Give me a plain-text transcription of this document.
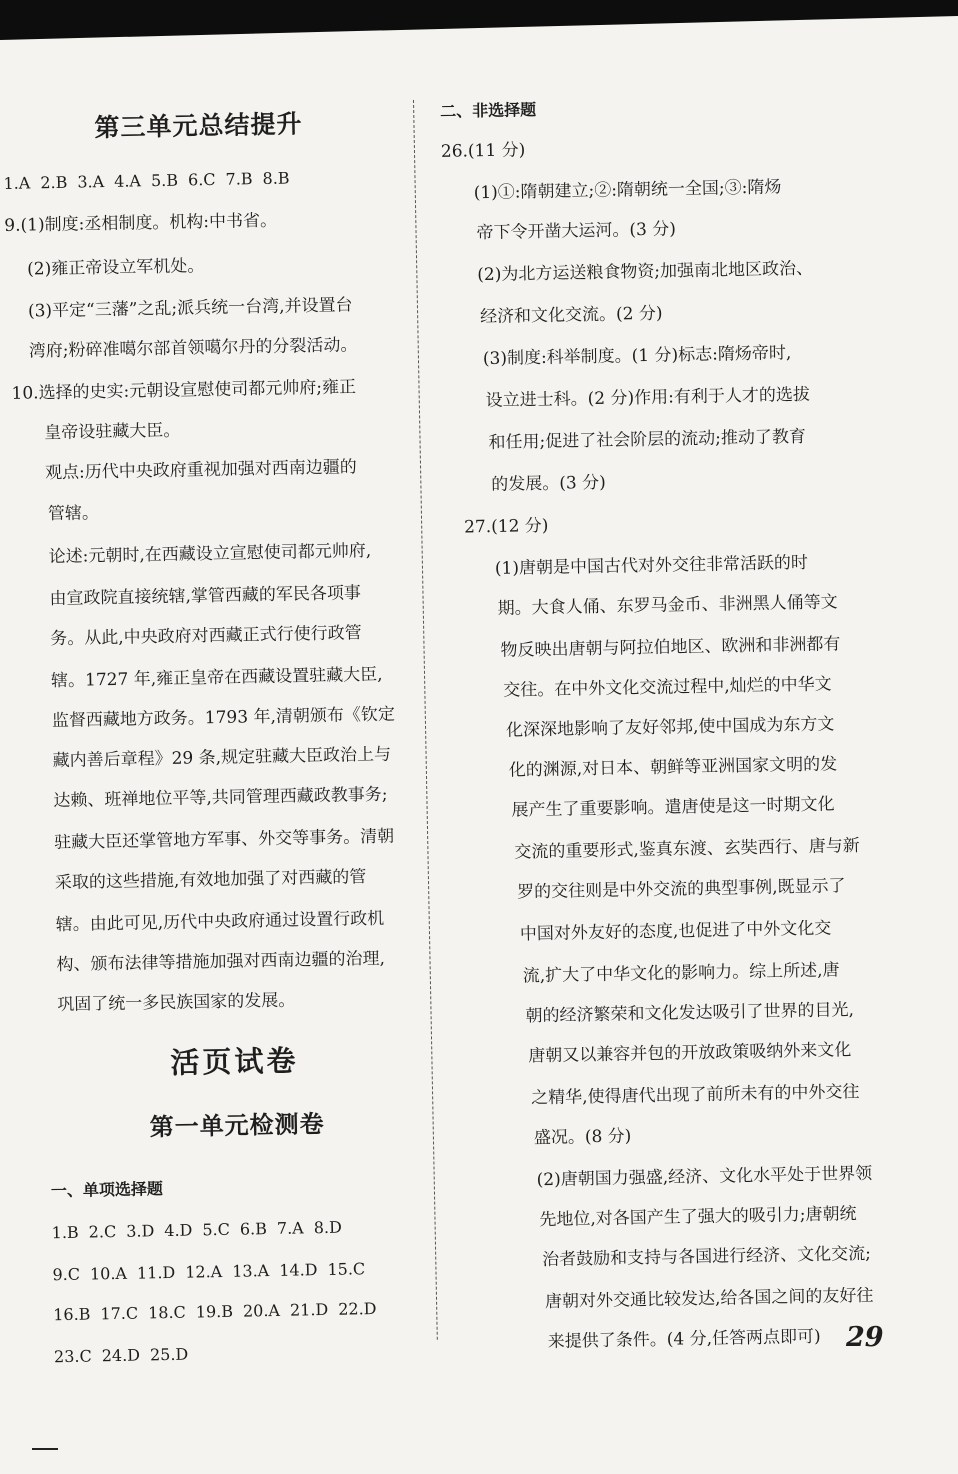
第三单元总结提升
1.A 2.B 3.A 4.A 5.B 6.C 7.B 8.B
9.(1)制度:丞相制度。机构:中书省。
(2)雍正帝设立军机处。
(3)平定“三藩”之乱;派兵统一台湾,并设置台
湾府;粉碎准噶尔部首领噶尔丹的分裂活动。
10.选择的史实:元朝设宣慰使司都元帅府;雍正
皇帝设驻藏大臣。
观点:历代中央政府重视加强对西南边疆的
管辖。
论述:元朝时,在西藏设立宣慰使司都元帅府,
由宣政院直接统辖,掌管西藏的军民各项事
务。从此,中央政府对西藏正式行使行政管
辖。1727 年,雍正皇帝在西藏设置驻藏大臣,
监督西藏地方政务。1793 年,清朝颁布《钦定
藏内善后章程》29 条,规定驻藏大臣政治上与
达赖、班禅地位平等,共同管理西藏政教事务;
驻藏大臣还掌管地方军事、外交等事务。清朝
采取的这些措施,有效地加强了对西藏的管
辖。由此可见,历代中央政府通过设置行政机
构、颁布法律等措施加强对西南边疆的治理,
巩固了统一多民族国家的发展。
活页试卷
第一单元检测卷
一、单项选择题
1.B 2.C 3.D 4.D 5.C 6.B 7.A 8.D
9.C 10.A 11.D 12.A 13.A 14.D 15.C
16.B 17.C 18.C 19.B 20.A 21.D 22.D
23.C 24.D 25.D
二、非选择题
26.(11 分)
(1)①:隋朝建立;②:隋朝统一全国;③:隋炀
帝下令开凿大运河。(3 分)
(2)为北方运送粮食物资;加强南北地区政治、
经济和文化交流。(2 分)
(3)制度:科举制度。(1 分)标志:隋炀帝时,
设立进士科。(2 分)作用:有利于人才的选拔
和任用;促进了社会阶层的流动;推动了教育
的发展。(3 分)
27.(12 分)
(1)唐朝是中国古代对外交往非常活跃的时
期。大食人俑、东罗马金币、非洲黑人俑等文
物反映出唐朝与阿拉伯地区、欧洲和非洲都有
交往。在中外文化交流过程中,灿烂的中华文
化深深地影响了友好邻邦,使中国成为东方文
化的渊源,对日本、朝鲜等亚洲国家文明的发
展产生了重要影响。遣唐使是这一时期文化
交流的重要形式,鉴真东渡、玄奘西行、唐与新
罗的交往则是中外交流的典型事例,既显示了
中国对外友好的态度,也促进了中外文化交
流,扩大了中华文化的影响力。综上所述,唐
朝的经济繁荣和文化发达吸引了世界的目光,
唐朝又以兼容并包的开放政策吸纳外来文化
之精华,使得唐代出现了前所未有的中外交往
盛况。(8 分)
(2)唐朝国力强盛,经济、文化水平处于世界领
先地位,对各国产生了强大的吸引力;唐朝统
治者鼓励和支持与各国进行经济、文化交流;
唐朝对外交通比较发达,给各国之间的友好往
来提供了条件。(4 分,任答两点即可) 29
